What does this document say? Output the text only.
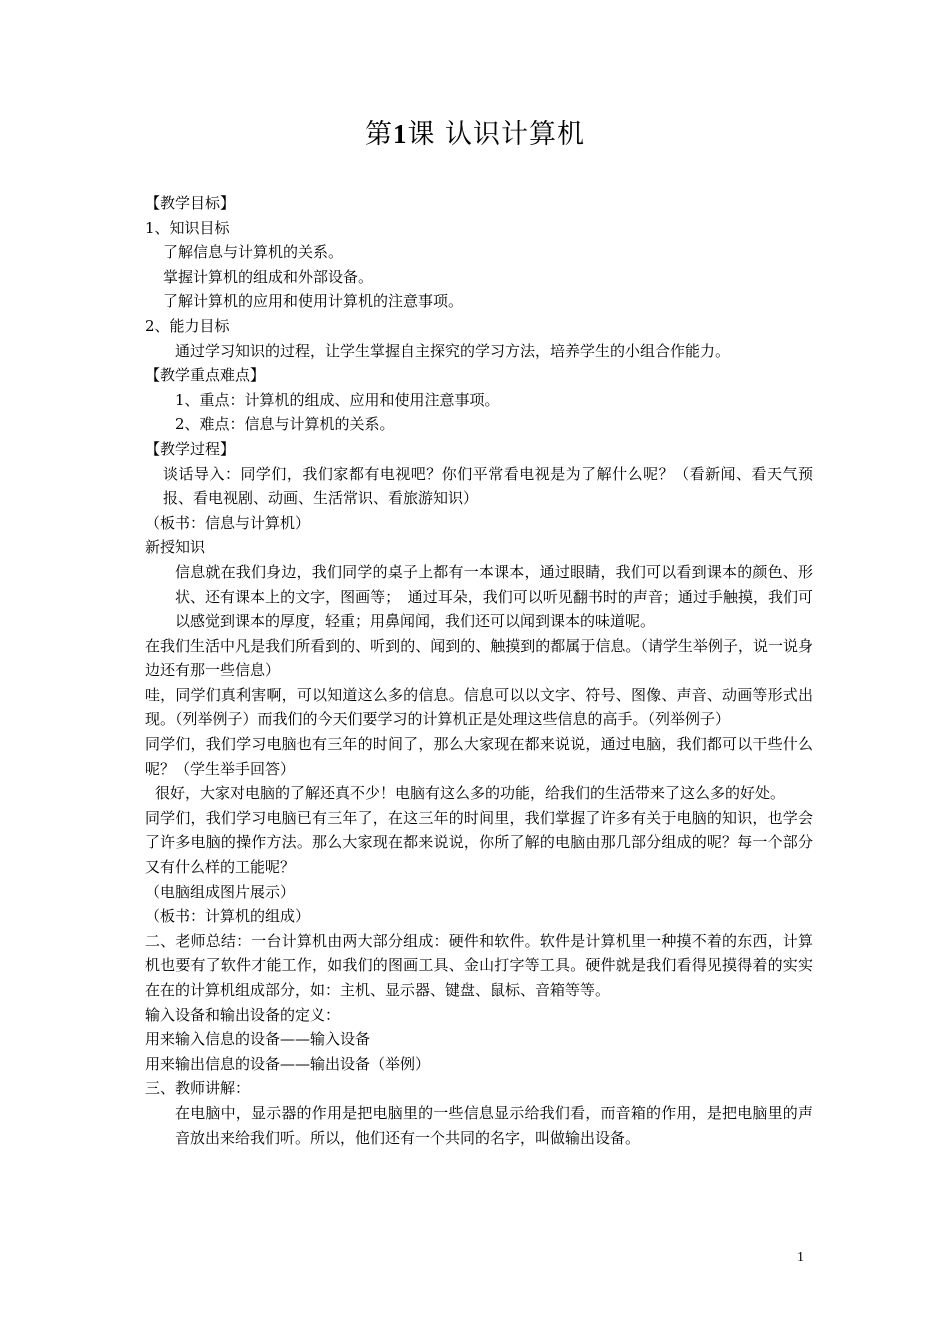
第1课 认识计算机

【教学目标】

1、知识目标

了解信息与计算机的关系。

掌握计算机的组成和外部设备。

了解计算机的应用和使用计算机的注意事项。

2、能力目标

通过学习知识的过程，让学生掌握自主探究的学习方法，培养学生的小组合作能力。

【教学重点难点】

1、重点：计算机的组成、应用和使用注意事项。

2、难点：信息与计算机的关系。

【教学过程】

谈话导入：同学们，我们家都有电视吧？你们平常看电视是为了解什么呢？（看新闻、看天气预报、看电视剧、动画、生活常识、看旅游知识）

（板书：信息与计算机）

新授知识

信息就在我们身边，我们同学的桌子上都有一本课本，通过眼睛，我们可以看到课本的颜色、形状、还有课本上的文字，图画等；　通过耳朵，我们可以听见翻书时的声音；通过手触摸，我们可以感觉到课本的厚度，轻重；用鼻闻闻，我们还可以闻到课本的味道呢。

在我们生活中凡是我们所看到的、听到的、闻到的、触摸到的都属于信息。（请学生举例子，说一说身边还有那一些信息）

哇，同学们真利害啊，可以知道这么多的信息。信息可以以文字、符号、图像、声音、动画等形式出现。（列举例子）而我们的今天们要学习的计算机正是处理这些信息的高手。（列举例子）

同学们，我们学习电脑也有三年的时间了，那么大家现在都来说说，通过电脑，我们都可以干些什么呢？（学生举手回答）

很好，大家对电脑的了解还真不少！电脑有这么多的功能，给我们的生活带来了这么多的好处。

同学们，我们学习电脑已有三年了，在这三年的时间里，我们掌握了许多有关于电脑的知识，也学会了许多电脑的操作方法。那么大家现在都来说说，你所了解的电脑由那几部分组成的呢？每一个部分又有什么样的工能呢？

（电脑组成图片展示）

（板书：计算机的组成）

二、老师总结：一台计算机由两大部分组成：硬件和软件。软件是计算机里一种摸不着的东西，计算机也要有了软件才能工作，如我们的图画工具、金山打字等工具。硬件就是我们看得见摸得着的实实在在的计算机组成部分，如：主机、显示器、键盘、鼠标、音箱等等。

输入设备和输出设备的定义：

用来输入信息的设备——输入设备

用来输出信息的设备——输出设备（举例）

三、教师讲解：

在电脑中，显示器的作用是把电脑里的一些信息显示给我们看，而音箱的作用，是把电脑里的声音放出来给我们听。所以，他们还有一个共同的名字，叫做输出设备。

1
